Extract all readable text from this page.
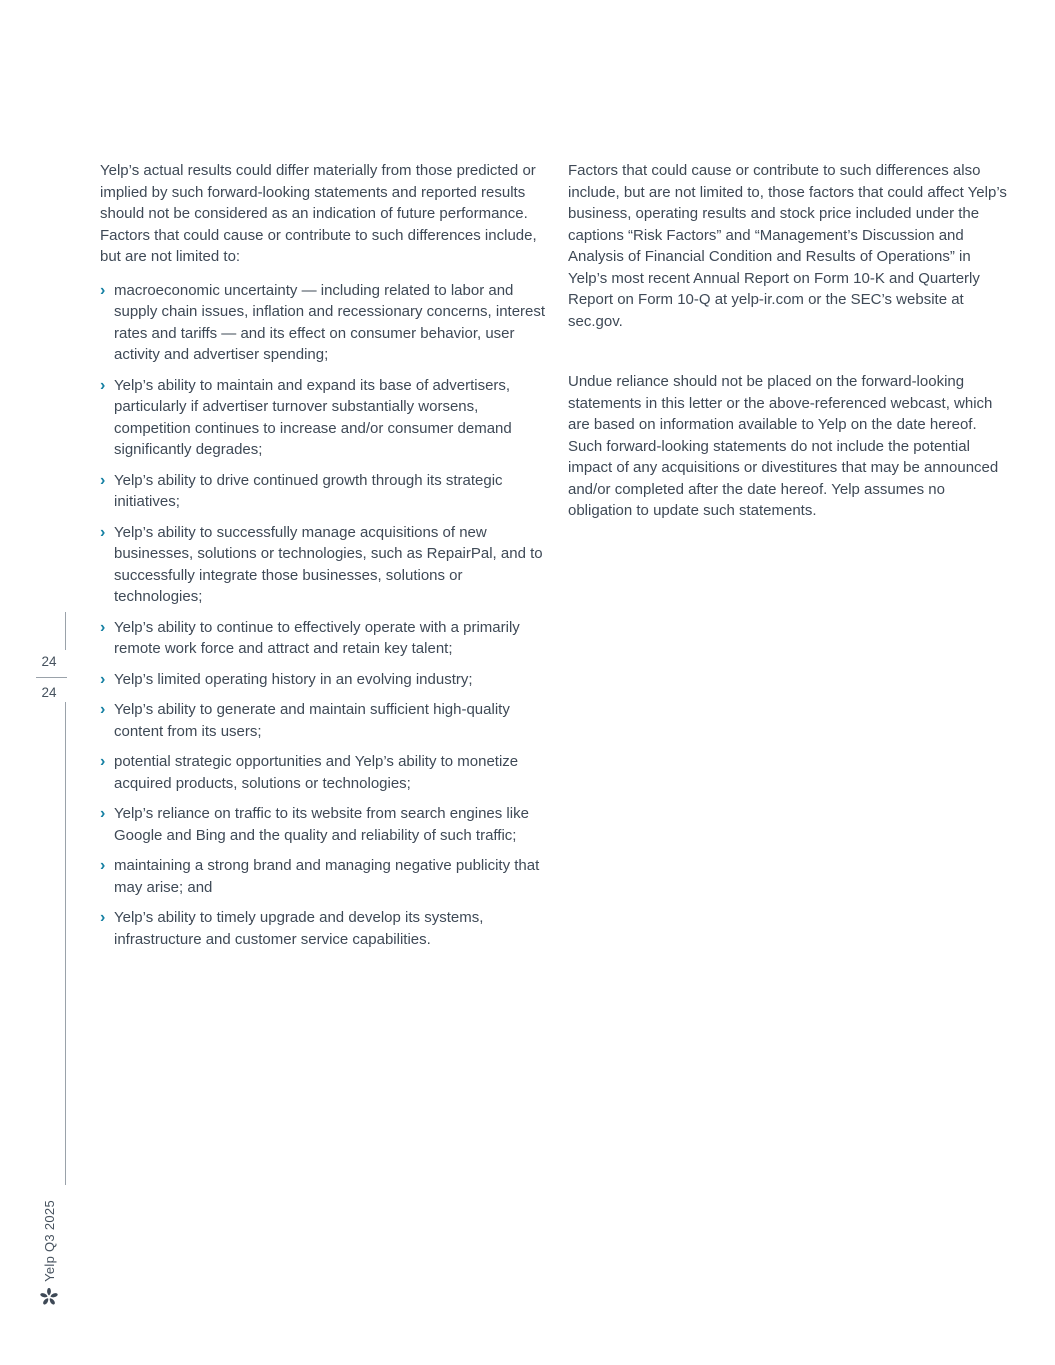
24
24

Yelp’s actual results could differ materially from those predicted or implied by such forward-looking statements and reported results should not be considered as an indication of future performance. Factors that could cause or contribute to such differences include, but are not limited to:

› macroeconomic uncertainty — including related to labor and supply chain issues, inflation and recessionary concerns, interest rates and tariffs — and its effect on consumer behavior, user activity and advertiser spending;
› Yelp’s ability to maintain and expand its base of advertisers, particularly if advertiser turnover substantially worsens, competition continues to increase and/or consumer demand significantly degrades;
› Yelp’s ability to drive continued growth through its strategic initiatives;
› Yelp’s ability to successfully manage acquisitions of new businesses, solutions or technologies, such as RepairPal, and to successfully integrate those businesses, solutions or technologies;
› Yelp’s ability to continue to effectively operate with a primarily remote work force and attract and retain key talent;
› Yelp’s limited operating history in an evolving industry;
› Yelp’s ability to generate and maintain sufficient high-quality content from its users;
› potential strategic opportunities and Yelp’s ability to monetize acquired products, solutions or technologies;
› Yelp’s reliance on traffic to its website from search engines like Google and Bing and the quality and reliability of such traffic;
› maintaining a strong brand and managing negative publicity that may arise; and
› Yelp’s ability to timely upgrade and develop its systems, infrastructure and customer service capabilities.

Factors that could cause or contribute to such differences also include, but are not limited to, those factors that could affect Yelp’s business, operating results and stock price included under the captions “Risk Factors” and “Management’s Discussion and Analysis of Financial Condition and Results of Operations” in Yelp’s most recent Annual Report on Form 10-K and Quarterly Report on Form 10-Q at yelp-ir.com or the SEC’s website at sec.gov.

Undue reliance should not be placed on the forward-looking statements in this letter or the above-referenced webcast, which are based on information available to Yelp on the date hereof. Such forward-looking statements do not include the potential impact of any acquisitions or divestitures that may be announced and/or completed after the date hereof. Yelp assumes no obligation to update such statements.

Yelp Q3 2025
